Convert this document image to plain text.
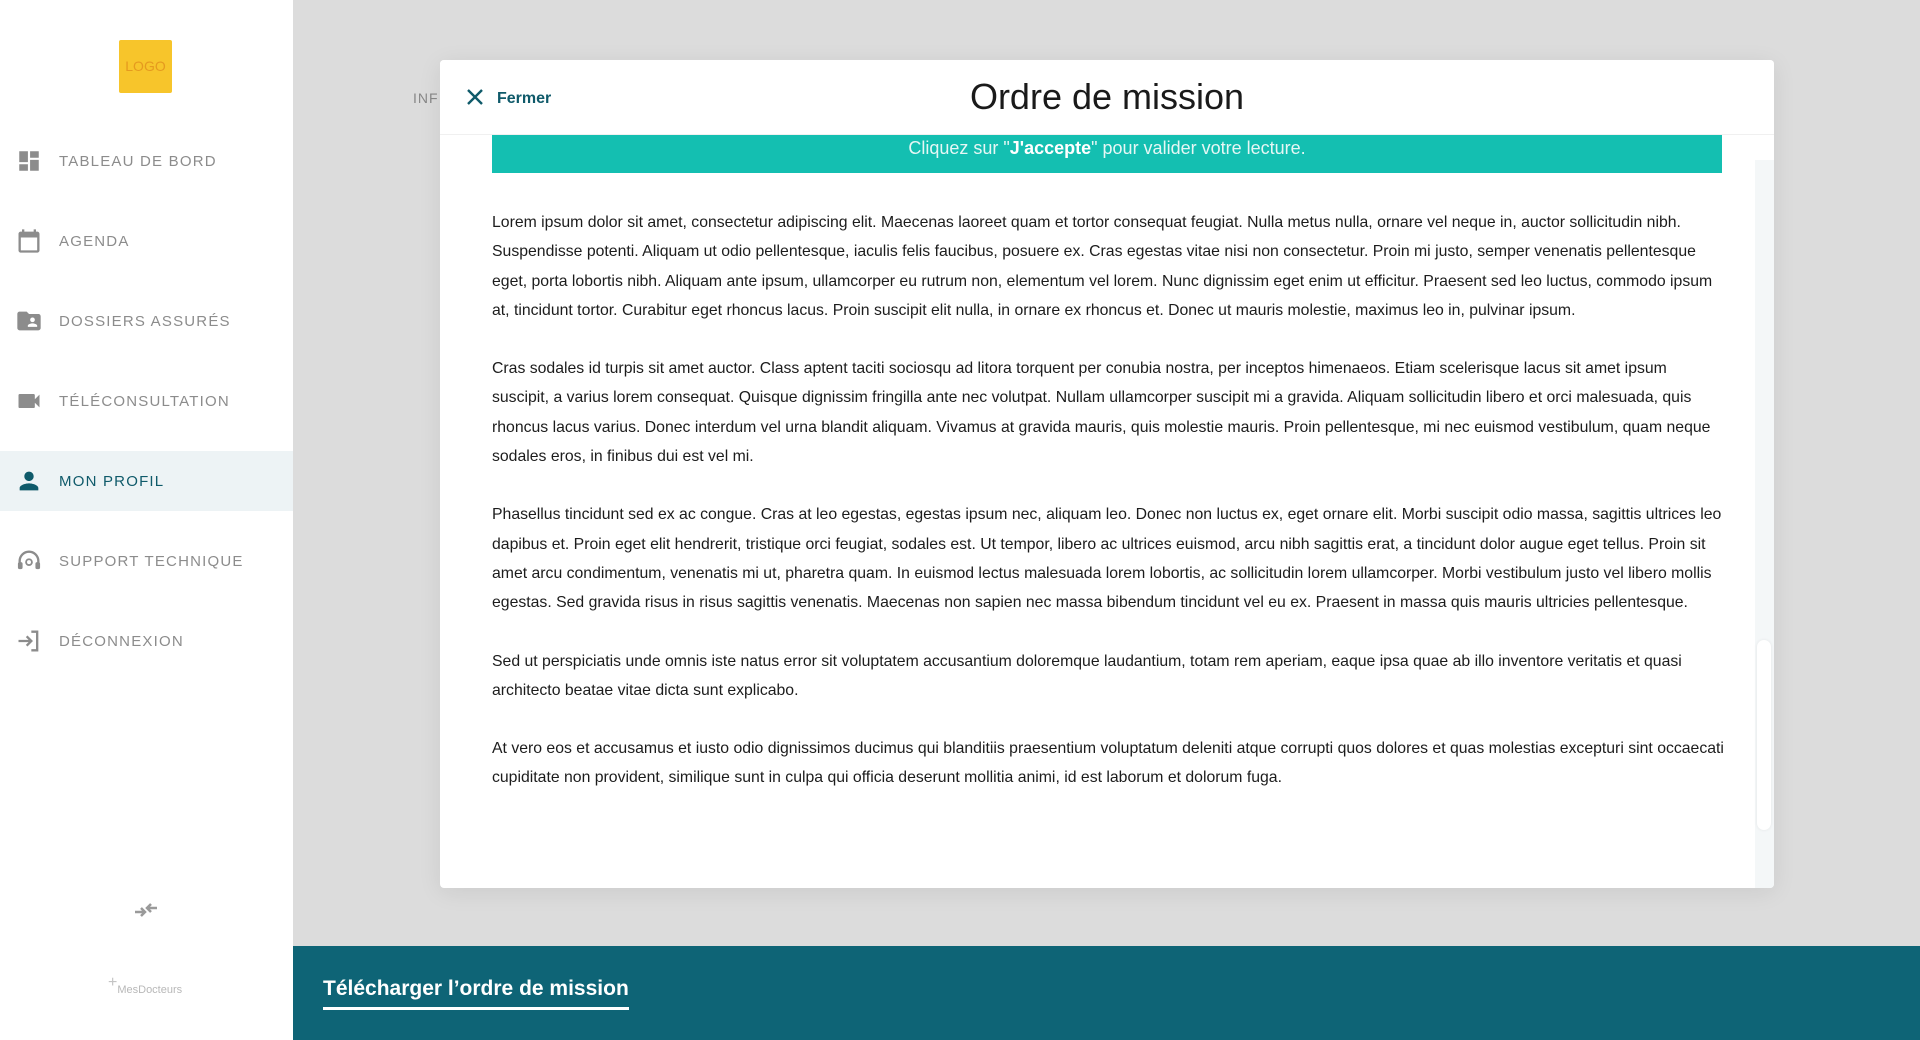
LOGO
TABLEAU DE BORD
AGENDA
DOSSIERS ASSURÉS
TÉLÉCONSULTATION
MON PROFIL
SUPPORT TECHNIQUE
DÉCONNEXION
+MesDocteurs
INF
Cliquez sur "J'accepte" pour valider votre lecture.
Fermer	Ordre de mission

Lorem ipsum dolor sit amet, consectetur adipiscing elit. Maecenas laoreet quam et tortor consequat feugiat. Nulla metus nulla, ornare vel neque in, auctor sollicitudin nibh. Suspendisse potenti. Aliquam ut odio pellentesque, iaculis felis faucibus, posuere ex. Cras egestas vitae nisi non consectetur. Proin mi justo, semper venenatis pellentesque eget, porta lobortis nibh. Aliquam ante ipsum, ullamcorper eu rutrum non, elementum vel lorem. Nunc dignissim eget enim ut efficitur. Praesent sed leo luctus, commodo ipsum at, tincidunt tortor. Curabitur eget rhoncus lacus. Proin suscipit elit nulla, in ornare ex rhoncus et. Donec ut mauris molestie, maximus leo in, pulvinar ipsum.

Cras sodales id turpis sit amet auctor. Class aptent taciti sociosqu ad litora torquent per conubia nostra, per inceptos himenaeos. Etiam scelerisque lacus sit amet ipsum suscipit, a varius lorem consequat. Quisque dignissim fringilla ante nec volutpat. Nullam ullamcorper suscipit mi a gravida. Aliquam sollicitudin libero et orci malesuada, quis rhoncus lacus varius. Donec interdum vel urna blandit aliquam. Vivamus at gravida mauris, quis molestie mauris. Proin pellentesque, mi nec euismod vestibulum, quam neque sodales eros, in finibus dui est vel mi.

Phasellus tincidunt sed ex ac congue. Cras at leo egestas, egestas ipsum nec, aliquam leo. Donec non luctus ex, eget ornare elit. Morbi suscipit odio massa, sagittis ultrices leo dapibus et. Proin eget elit hendrerit, tristique orci feugiat, sodales est. Ut tempor, libero ac ultrices euismod, arcu nibh sagittis erat, a tincidunt dolor augue eget tellus. Proin sit amet arcu condimentum, venenatis mi ut, pharetra quam. In euismod lectus malesuada lorem lobortis, ac sollicitudin lorem ullamcorper. Morbi vestibulum justo vel libero mollis egestas. Sed gravida risus in risus sagittis venenatis. Maecenas non sapien nec massa bibendum tincidunt vel eu ex. Praesent in massa quis mauris ultricies pellentesque.

Sed ut perspiciatis unde omnis iste natus error sit voluptatem accusantium doloremque laudantium, totam rem aperiam, eaque ipsa quae ab illo inventore veritatis et quasi architecto beatae vitae dicta sunt explicabo.

At vero eos et accusamus et iusto odio dignissimos ducimus qui blanditiis praesentium voluptatum deleniti atque corrupti quos dolores et quas molestias excepturi sint occaecati cupiditate non provident, similique sunt in culpa qui officia deserunt mollitia animi, id est laborum et dolorum fuga.

Télécharger l’ordre de mission
